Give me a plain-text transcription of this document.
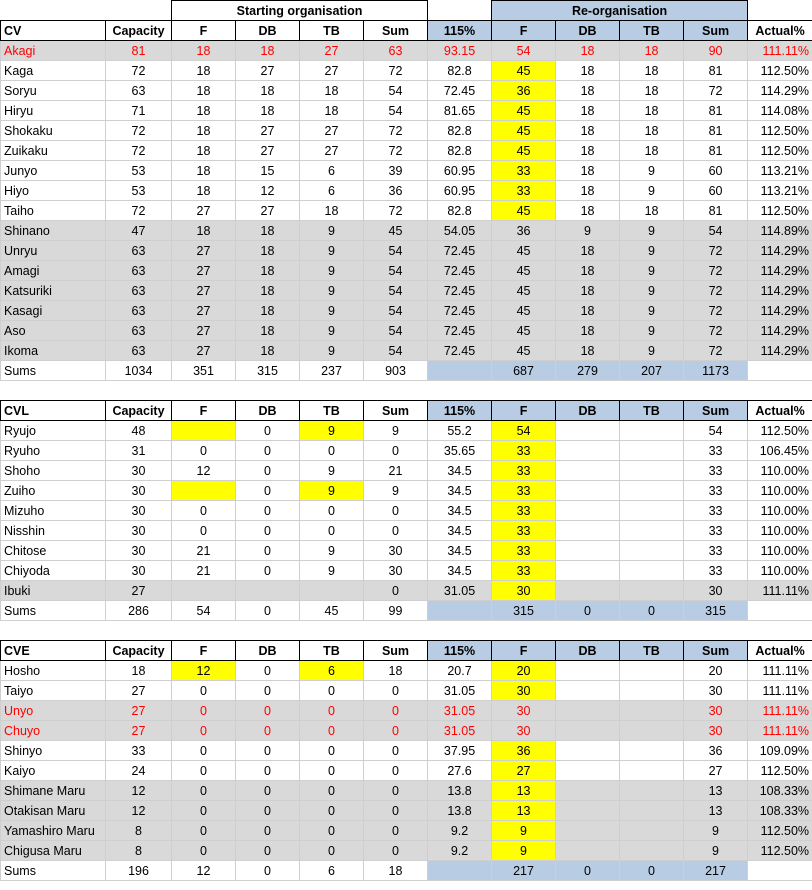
		Starting organisation					Re-organisation				
CV	Capacity	F	DB	TB	Sum	115%	F	DB	TB	Sum	Actual%
Akagi	81	18	18	27	63	93.15	54	18	18	90	111.11%
Kaga	72	18	27	27	72	82.8	45	18	18	81	112.50%
Soryu	63	18	18	18	54	72.45	36	18	18	72	114.29%
Hiryu	71	18	18	18	54	81.65	45	18	18	81	114.08%
Shokaku	72	18	27	27	72	82.8	45	18	18	81	112.50%
Zuikaku	72	18	27	27	72	82.8	45	18	18	81	112.50%
Junyo	53	18	15	6	39	60.95	33	18	9	60	113.21%
Hiyo	53	18	12	6	36	60.95	33	18	9	60	113.21%
Taiho	72	27	27	18	72	82.8	45	18	18	81	112.50%
Shinano	47	18	18	9	45	54.05	36	9	9	54	114.89%
Unryu	63	27	18	9	54	72.45	45	18	9	72	114.29%
Amagi	63	27	18	9	54	72.45	45	18	9	72	114.29%
Katsuriki	63	27	18	9	54	72.45	45	18	9	72	114.29%
Kasagi	63	27	18	9	54	72.45	45	18	9	72	114.29%
Aso	63	27	18	9	54	72.45	45	18	9	72	114.29%
Ikoma	63	27	18	9	54	72.45	45	18	9	72	114.29%
Sums	1034	351	315	237	903		687	279	207	1173	

CVL	Capacity	F	DB	TB	Sum	115%	F	DB	TB	Sum	Actual%
Ryujo	48		0	9	9	55.2	54			54	112.50%
Ryuho	31	0	0	0	0	35.65	33			33	106.45%
Shoho	30	12	0	9	21	34.5	33			33	110.00%
Zuiho	30		0	9	9	34.5	33			33	110.00%
Mizuho	30	0	0	0	0	34.5	33			33	110.00%
Nisshin	30	0	0	0	0	34.5	33			33	110.00%
Chitose	30	21	0	9	30	34.5	33			33	110.00%
Chiyoda	30	21	0	9	30	34.5	33			33	110.00%
Ibuki	27				0	31.05	30			30	111.11%
Sums	286	54	0	45	99		315	0	0	315	

CVE	Capacity	F	DB	TB	Sum	115%	F	DB	TB	Sum	Actual%
Hosho	18	12	0	6	18	20.7	20			20	111.11%
Taiyo	27	0	0	0	0	31.05	30			30	111.11%
Unyo	27	0	0	0	0	31.05	30			30	111.11%
Chuyo	27	0	0	0	0	31.05	30			30	111.11%
Shinyo	33	0	0	0	0	37.95	36			36	109.09%
Kaiyo	24	0	0	0	0	27.6	27			27	112.50%
Shimane Maru	12	0	0	0	0	13.8	13			13	108.33%
Otakisan Maru	12	0	0	0	0	13.8	13			13	108.33%
Yamashiro Maru	8	0	0	0	0	9.2	9			9	112.50%
Chigusa Maru	8	0	0	0	0	9.2	9			9	112.50%
Sums	196	12	0	6	18		217	0	0	217	
